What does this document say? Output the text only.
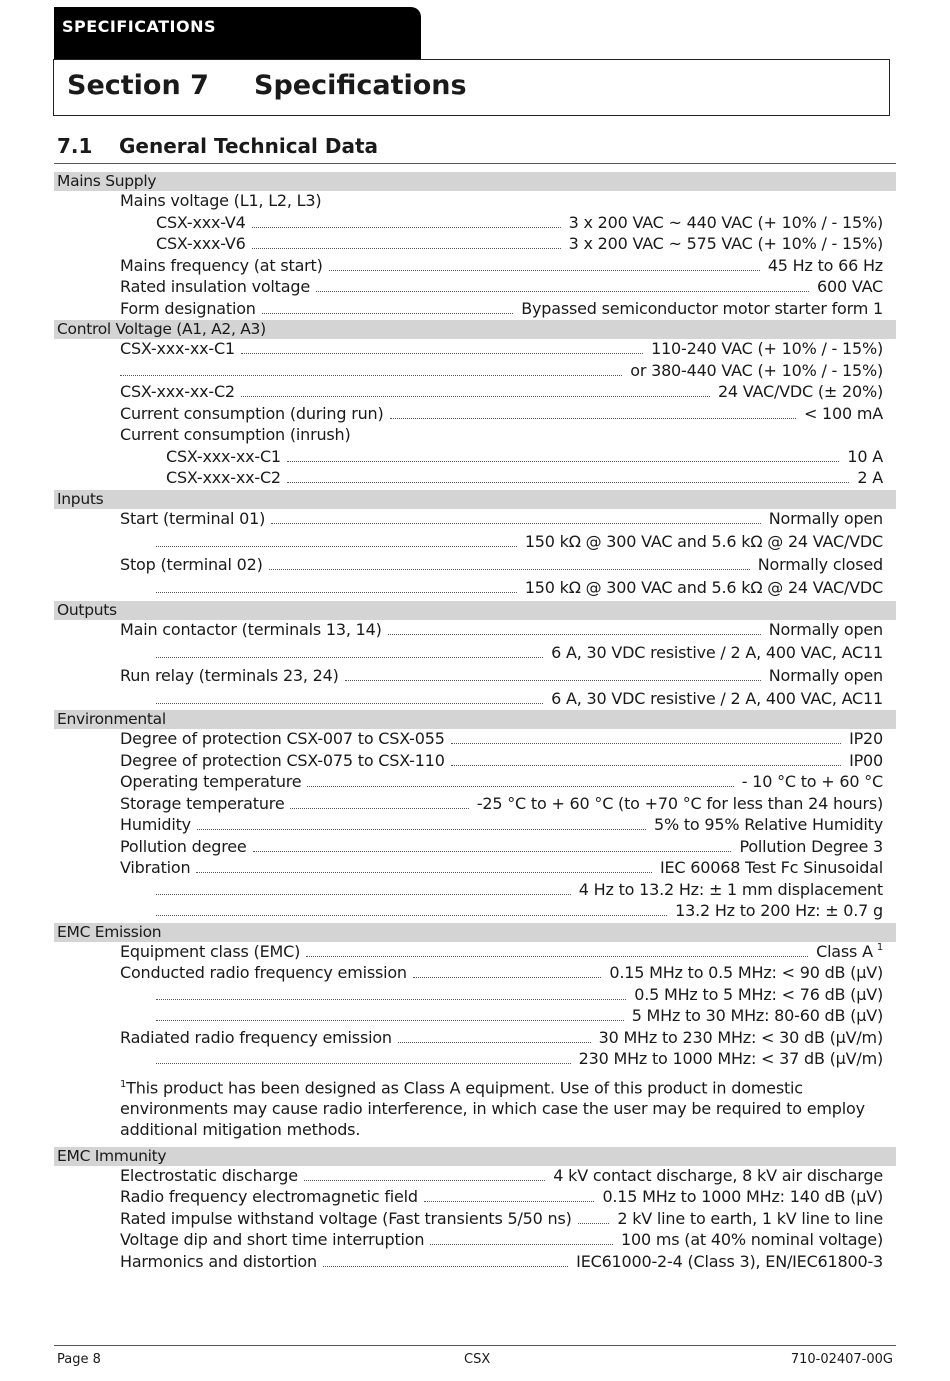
SPECIFICATIONS
Section 7 Specifications
7.1 General Technical Data
Mains Supply
Mains voltage (L1, L2, L3)
CSX-xxx-V4	3 x 200 VAC ~ 440 VAC (+ 10% / - 15%)
CSX-xxx-V6	3 x 200 VAC ~ 575 VAC (+ 10% / - 15%)
Mains frequency (at start)	45 Hz to 66 Hz
Rated insulation voltage	600 VAC
Form designation	Bypassed semiconductor motor starter form 1
Control Voltage (A1, A2, A3)
CSX-xxx-xx-C1	110-240 VAC (+ 10% / - 15%)
or 380-440 VAC (+ 10% / - 15%)
CSX-xxx-xx-C2	24 VAC/VDC (± 20%)
Current consumption (during run)	< 100 mA
Current consumption (inrush)
CSX-xxx-xx-C1	10 A
CSX-xxx-xx-C2	2 A
Inputs
Start (terminal 01)	Normally open
150 kΩ @ 300 VAC and 5.6 kΩ @ 24 VAC/VDC
Stop (terminal 02)	Normally closed
150 kΩ @ 300 VAC and 5.6 kΩ @ 24 VAC/VDC
Outputs
Main contactor (terminals 13, 14)	Normally open
6 A, 30 VDC resistive / 2 A, 400 VAC, AC11
Run relay (terminals 23, 24)	Normally open
6 A, 30 VDC resistive / 2 A, 400 VAC, AC11
Environmental
Degree of protection CSX-007 to CSX-055	IP20
Degree of protection CSX-075 to CSX-110	IP00
Operating temperature	- 10 °C to + 60 °C
Storage temperature	-25 °C to + 60 °C (to +70 °C for less than 24 hours)
Humidity	5% to 95% Relative Humidity
Pollution degree	Pollution Degree 3
Vibration	IEC 60068 Test Fc Sinusoidal
4 Hz to 13.2 Hz: ± 1 mm displacement
13.2 Hz to 200 Hz: ± 0.7 g
EMC Emission
Equipment class (EMC)	Class A $^1$
Conducted radio frequency emission	0.15 MHz to 0.5 MHz: < 90 dB (μV)
0.5 MHz to 5 MHz: < 76 dB (μV)
5 MHz to 30 MHz: 80-60 dB (μV)
Radiated radio frequency emission	30 MHz to 230 MHz: < 30 dB (μV/m)
230 MHz to 1000 MHz: < 37 dB (μV/m)
$^1$This product has been designed as Class A equipment. Use of this product in domestic environments may cause radio interference, in which case the user may be required to employ additional mitigation methods.
EMC Immunity
Electrostatic discharge	4 kV contact discharge, 8 kV air discharge
Radio frequency electromagnetic field	0.15 MHz to 1000 MHz: 140 dB (μV)
Rated impulse withstand voltage (Fast transients 5/50 ns)	2 kV line to earth, 1 kV line to line
Voltage dip and short time interruption	100 ms (at 40% nominal voltage)
Harmonics and distortion	IEC61000-2-4 (Class 3), EN/IEC61800-3
Page 8	CSX	710-02407-00G
